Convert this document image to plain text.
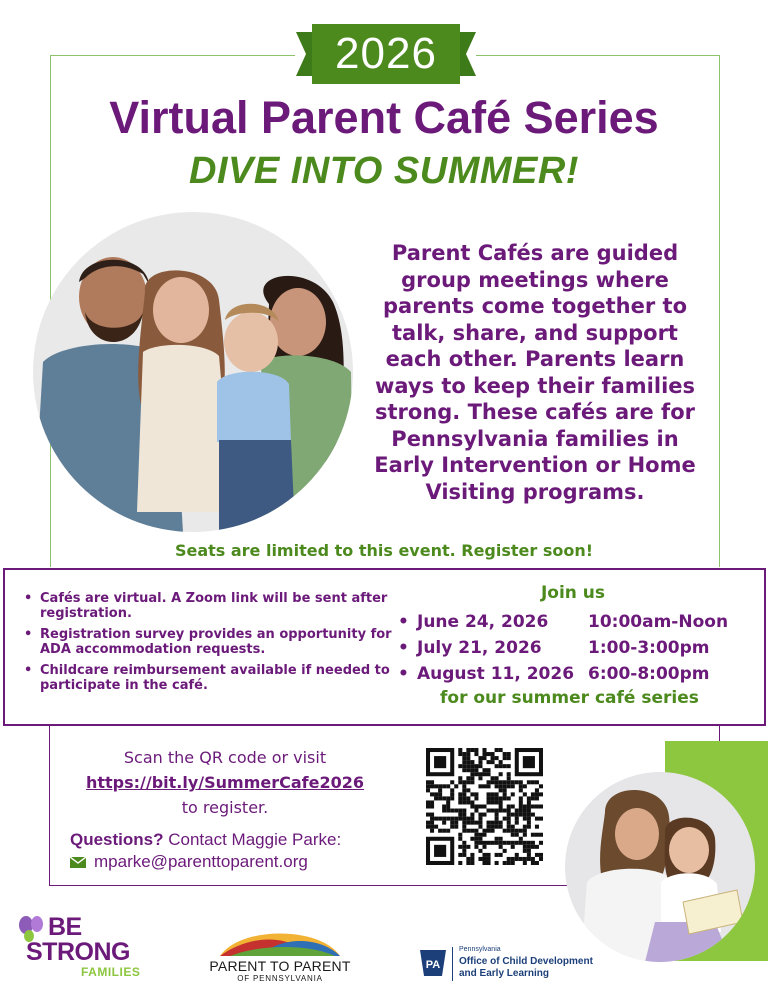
2026
Virtual Parent Café Series
DIVE INTO SUMMER!

Parent Cafés are guided group meetings where parents come together to talk, share, and support each other. Parents learn ways to keep their families strong. These cafés are for Pennsylvania families in Early Intervention or Home Visiting programs.

Seats are limited to this event. Register soon!

• Cafés are virtual. A Zoom link will be sent after registration.
• Registration survey provides an opportunity for ADA accommodation requests.
• Childcare reimbursement available if needed to participate in the café.
Join us
• June 24, 2026 10:00am-Noon
• July 21, 2026	1:00-3:00pm
• August 11, 2026 6:00-8:00pm
for our summer café series
Scan the QR code or visit
https://bit.ly/SummerCafe2026
to register.
Questions? Contact Maggie Parke:
mparke@parenttoparent.org
BE
STRONG
FAMILIES	PARENT TO PARENT
OF PENNSYLVANIA
PA
Pennsylvania
Office of Child Development
and Early Learning
